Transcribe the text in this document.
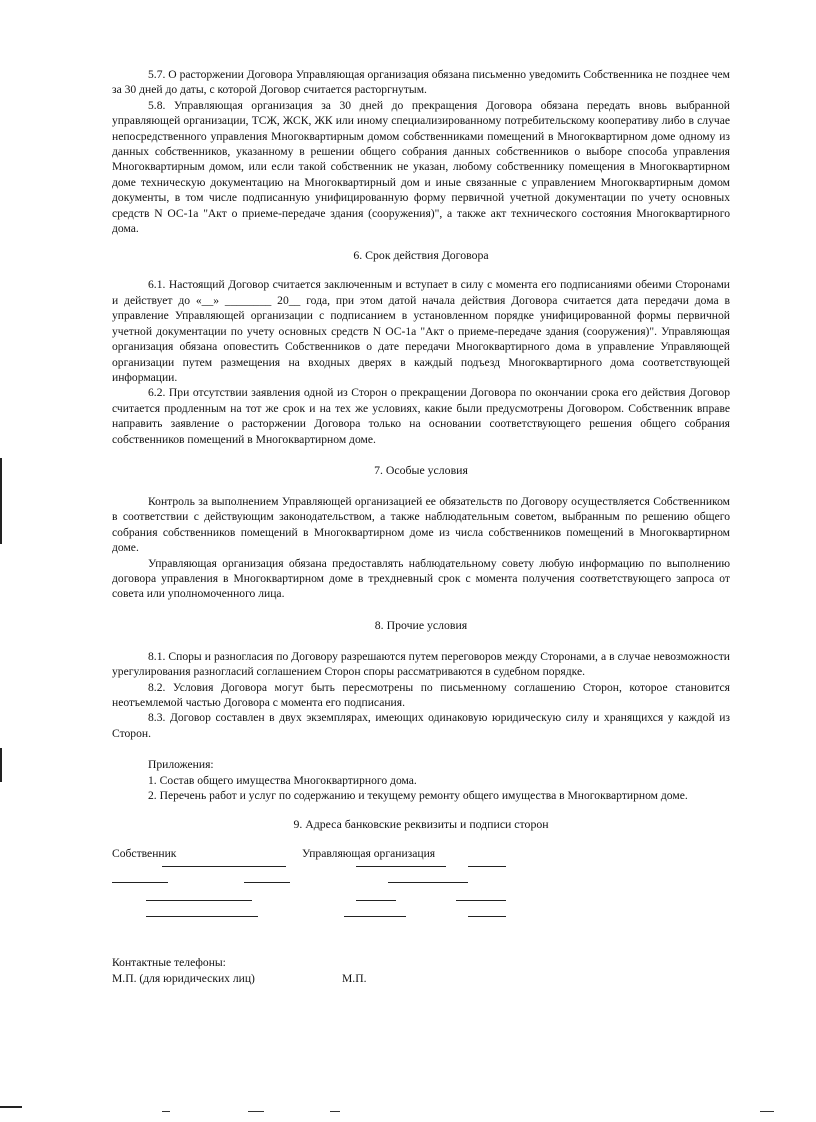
5.7. О расторжении Договора Управляющая организация обязана письменно уведомить Собственника не позднее чем за 30 дней до даты, с которой Договор считается расторгнутым.

5.8. Управляющая организация за 30 дней до прекращения Договора обязана передать вновь выбранной управляющей организации, ТСЖ, ЖСК, ЖК или иному специализированному потребительскому кооперативу либо в случае непосредственного управления Многоквартирным домом собственниками помещений в Многоквартирном доме одному из данных собственников, указанному в решении общего собрания данных собственников о выборе способа управления Многоквартирным домом, или если такой собственник не указан, любому собственнику помещения в Многоквартирном доме техническую документацию на Многоквартирный дом и иные связанные с управлением Многоквартирным домом документы, в том числе подписанную унифицированную форму первичной учетной документации по учету основных средств N ОС-1а "Акт о приеме-передаче здания (сооружения)", а также акт технического состояния Многоквартирного дома.

6. Срок действия Договора

6.1. Настоящий Договор считается заключенным и вступает в силу с момента его подписаниями обеими Сторонами и действует до «__» ________ 20__ года, при этом датой начала действия Договора считается дата передачи дома в управление Управляющей организации с подписанием в установленном порядке унифицированной формы первичной учетной документации по учету основных средств N ОС-1а "Акт о приеме-передаче здания (сооружения)". Управляющая организация обязана оповестить Собственников о дате передачи Многоквартирного дома в управление Управляющей организации путем размещения на входных дверях в каждый подъезд Многоквартирного дома соответствующей информации.

6.2. При отсутствии заявления одной из Сторон о прекращении Договора по окончании срока его действия Договор считается продленным на тот же срок и на тех же условиях, какие были предусмотрены Договором. Собственник вправе направить заявление о расторжении Договора только на основании соответствующего решения общего собрания собственников помещений в Многоквартирном доме.

7. Особые условия

Контроль за выполнением Управляющей организацией ее обязательств по Договору осуществляется Собственником в соответствии с действующим законодательством, а также наблюдательным советом, выбранным по решению общего собрания собственников помещений в Многоквартирном доме из числа собственников помещений в Многоквартирном доме.

Управляющая организация обязана предоставлять наблюдательному совету любую информацию по выполнению договора управления в Многоквартирном доме в трехдневный срок с момента получения соответствующего запроса от совета или уполномоченного лица.

8. Прочие условия

8.1. Споры и разногласия по Договору разрешаются путем переговоров между Сторонами, а в случае невозможности урегулирования разногласий соглашением Сторон споры рассматриваются в судебном порядке.

8.2. Условия Договора могут быть пересмотрены по письменному соглашению Сторон, которое становится неотъемлемой частью Договора с момента его подписания.

8.3. Договор составлен в двух экземплярах, имеющих одинаковую юридическую силу и хранящихся у каждой из Сторон.

Приложения:
1. Состав общего имущества Многоквартирного дома.
2. Перечень работ и услуг по содержанию и текущему ремонту общего имущества в Многоквартирном доме.
9. Адреса банковские реквизиты и подписи сторон
Собственник	Управляющая организация
Контактные телефоны:
М.П. (для юридических лиц)	М.П.
